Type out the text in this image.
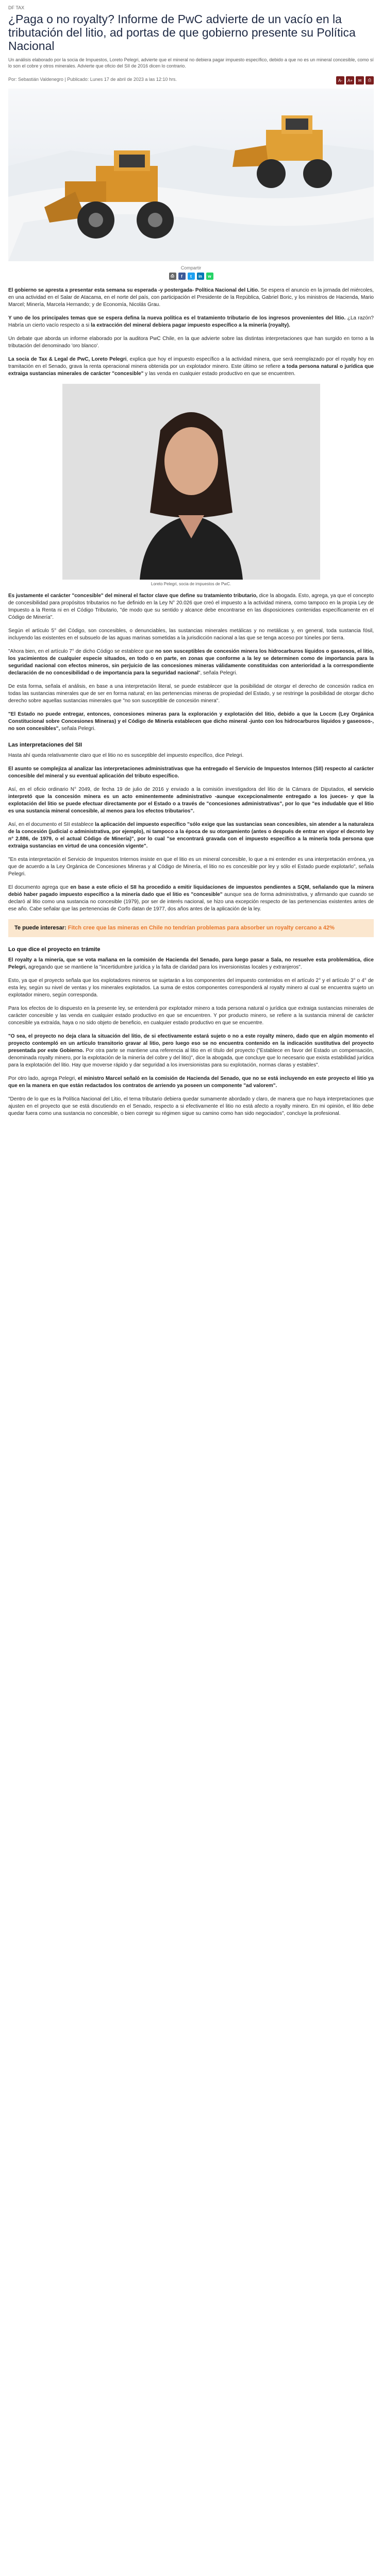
DF TAX
¿Paga o no royalty? Informe de PwC advierte de un vacío en la tributación del litio, ad portas de que gobierno presente su Política Nacional
Un análisis elaborado por la socia de Impuestos, Loreto Pelegri, advierte que el mineral no debiera pagar impuesto específico, debido a que no es un mineral concesible, como sí lo son el cobre y otros minerales. Advierte que oficio del SII de 2016 dicen lo contrario.
Por: Sebastián Valdenegro | Publicado: Lunes 17 de abril de 2023 a las 12:10 hrs.	A-	A+	✉	⎙
Compartir
⎙	f	t	in	w

El gobierno se apresta a presentar esta semana su esperada -y postergada- Política Nacional del Litio. Se espera el anuncio en la jornada del miércoles, en una actividad en el Salar de Atacama, en el norte del país, con participación el Presidente de la República, Gabriel Boric, y los ministros de Hacienda, Mario Marcel; Minería, Marcela Hernando; y de Economía, Nicolás Grau.

Y uno de los principales temas que se espera defina la nueva política es el tratamiento tributario de los ingresos provenientes del litio. ¿La razón? Habría un cierto vacío respecto a si la extracción del mineral debiera pagar impuesto específico a la minería (royalty).

Un debate que aborda un informe elaborado por la auditora PwC Chile, en la que advierte sobre las distintas interpretaciones que han surgido en torno a la tributación del denominado 'oro blanco'.

La socia de Tax & Legal de PwC, Loreto Pelegri, explica que hoy el impuesto específico a la actividad minera, que será reemplazado por el royalty hoy en tramitación en el Senado, grava la renta operacional minera obtenida por un explotador minero. Este último se refiere a toda persona natural o jurídica que extraiga sustancias minerales de carácter "concesible" y las venda en cualquier estado productivo en que se encuentren.

Loreto Pelegri, socia de impuestos de PwC.

Es justamente el carácter "concesible" del mineral el factor clave que define su tratamiento tributario, dice la abogada. Esto, agrega, ya que el concepto de concesibilidad para propósitos tributarios no fue definido en la Ley N° 20.026 que creó el impuesto a la actividad minera, como tampoco en la propia Ley de Impuesto a la Renta ni en el Código Tributario, "de modo que su sentido y alcance debe encontrarse en las disposiciones contenidas específicamente en el Código de Minería".

Según el artículo 5° del Código, son concesibles, o denunciables, las sustancias minerales metálicas y no metálicas y, en general, toda sustancia fósil, incluyendo las existentes en el subsuelo de las aguas marinas sometidas a la jurisdicción nacional a las que se tenga acceso por túneles por tierra.

"Ahora bien, en el artículo 7° de dicho Código se establece que no son susceptibles de concesión minera los hidrocarburos líquidos o gaseosos, el litio, los yacimientos de cualquier especie situados, en todo o en parte, en zonas que conforme a la ley se determinen como de importancia para la seguridad nacional con efectos mineros, sin perjuicio de las concesiones mineras válidamente constituidas con anterioridad a la correspondiente declaración de no concesibilidad o de importancia para la seguridad nacional", señala Pelegri.

De esta forma, señala el análisis, en base a una interpretación literal, se puede establecer que la posibilidad de otorgar el derecho de concesión radica en todas las sustancias minerales que de ser en forma natural; en las pertenencias mineras de propiedad del Estado, y se restringe la posibilidad de otorgar dicho derecho sobre aquellas sustancias minerales que "no son susceptible de concesión minera".

"El Estado no puede entregar, entonces, concesiones mineras para la exploración y explotación del litio, debido a que la Loccm (Ley Orgánica Constitucional sobre Concesiones Mineras) y el Código de Minería establecen que dicho mineral -junto con los hidrocarburos líquidos y gaseosos-, no son concesibles", señala Pelegri.

Las interpretaciones del SII

Hasta ahí queda relativamente claro que el litio no es susceptible del impuesto específico, dice Pelegri.

El asunto se complejiza al analizar las interpretaciones administrativas que ha entregado el Servicio de Impuestos Internos (SII) respecto al carácter concesible del mineral y su eventual aplicación del tributo específico.

Así, en el oficio ordinario N° 2049, de fecha 19 de julio de 2016 y enviado a la comisión investigadora del litio de la Cámara de Diputados, el servicio interpretó que la concesión minera es un acto eminentemente administrativo -aunque excepcionalmente entregado a los jueces- y que la explotación del litio se puede efectuar directamente por el Estado o a través de "concesiones administrativas", por lo que "es indudable que el litio es una sustancia mineral concesible, al menos para los efectos tributarios".

Así, en el documento el SII establece la aplicación del impuesto específico "sólo exige que las sustancias sean concesibles, sin atender a la naturaleza de la concesión (judicial o administrativa, por ejemplo), ni tampoco a la época de su otorgamiento (antes o después de entrar en vigor el decreto ley n° 2.886, de 1979, o el actual Código de Minería)", por lo cual "se encontrará gravada con el impuesto específico a la minería toda persona que extraiga sustancias en virtud de una concesión vigente".

"En esta interpretación el Servicio de Impuestos Internos insiste en que el litio es un mineral concesible, lo que a mi entender es una interpretación errónea, ya que de acuerdo a la Ley Orgánica de Concesiones Mineras y al Código de Minería, el litio no es concesible por ley y sólo el Estado puede explotarlo", señala Pelegri.

El documento agrega que en base a este oficio el SII ha procedido a emitir liquidaciones de impuestos pendientes a SQM, señalando que la minera debió haber pagado impuesto específico a la minería dado que el litio es "concesible" aunque sea de forma administrativa, y afirmando que cuando se declaró al litio como una sustancia no concesible (1979), por ser de interés nacional, se hizo una excepción respecto de las pertenencias existentes antes de ese año. Cabe señalar que las pertenencias de Corfo datan de 1977, dos años antes de la aplicación de la ley.

Te puede interesar: Fitch cree que las mineras en Chile no tendrían problemas para absorber un royalty cercano a 42%
Lo que dice el proyecto en trámite

El royalty a la minería, que se vota mañana en la comisión de Hacienda del Senado, para luego pasar a Sala, no resuelve esta problemática, dice Pelegri, agregando que se mantiene la "incertidumbre jurídica y la falta de claridad para los inversionistas locales y extranjeros".

Esto, ya que el proyecto señala que los explotadores mineros se sujetarán a los componentes del impuesto contenidos en el artículo 2° y el artículo 3° o 4° de esta ley, según su nivel de ventas y los minerales explotados. La suma de estos componentes corresponderá al royalty minero al cual se encuentra sujeto un explotador minero, según corresponda.

Para los efectos de lo dispuesto en la presente ley, se entenderá por explotador minero a toda persona natural o jurídica que extraiga sustancias minerales de carácter concesible y las venda en cualquier estado productivo en que se encuentren. Y por producto minero, se refiere a la sustancia mineral de carácter concesible ya extraída, haya o no sido objeto de beneficio, en cualquier estado productivo en que se encuentre.

"O sea, el proyecto no deja clara la situación del litio, de si efectivamente estará sujeto o no a este royalty minero, dado que en algún momento el proyecto contempló en un artículo transitorio gravar al litio, pero luego eso se no encuentra contenido en la indicación sustitutiva del proyecto presentada por este Gobierno. Por otra parte se mantiene una referencia al litio en el título del proyecto ("Establece en favor del Estado un compensación, denominada royalty minero, por la explotación de la minería del cobre y del litio)", dice la abogada, que concluye que lo necesario que exista estabilidad jurídica para la explotación del litio. Hay que moverse rápido y dar seguridad a los inversionistas para su explotación, normas claras y estables".

Por otro lado, agrega Pelegri, el ministro Marcel señaló en la comisión de Hacienda del Senado, que no se está incluyendo en este proyecto el litio ya que en la manera en que están redactados los contratos de arriendo ya poseen un componente "ad valorem".

"Dentro de lo que es la Política Nacional del Litio, el tema tributario debiera quedar sumamente abordado y claro, de manera que no haya interpretaciones que ajusten en el proyecto que se está discutiendo en el Senado, respecto a si efectivamente el litio no está afecto a royalty minero. En mi opinión, el litio debe quedar fuera como una sustancia no concesible, o bien corregir su régimen sigue su camino como han sido negociados", concluye la profesional.
